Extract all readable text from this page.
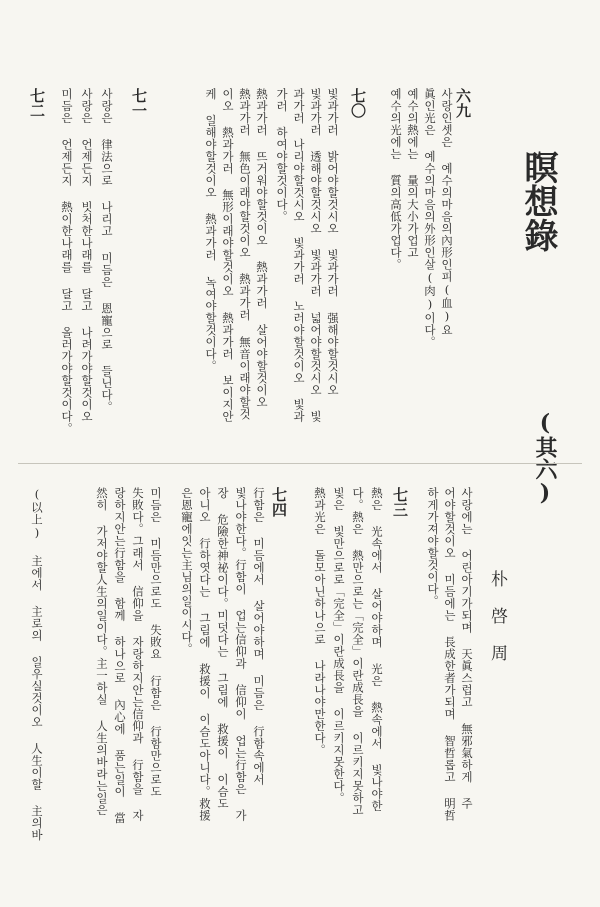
瞑想錄
(其六)
朴 啓 周
六九
사랑인셋은 예수의마음의內形인피(血)요
眞인光은 예수의마음의外形인살(肉)이다。
예수의熱에는 量의大小가업고
예수의光에는 質의高低가업다。
七〇
빛과가러 밝어야할것시오 빛과가러 强해야할것시오
빛과가러 透해야할것시오 빛과가러 넓어야할것시오 빛
과가러 나리야할것시오 빛과가러 노러야할것이오 빛과
가러 하여야할것이다。
熱과가러 뜨거워야할것이오 熱과가러 살어야할것이오
熱과가러 無色이래야할것이오 熱과가러 無音이래야할것
이오 熱과가러 無形이래야할것이오 熱과가러 보이지안
케 일해야할것이오 熱과가러 녹여야할것이다。
七一
사랑은 律法으로 나리고 미듬은 恩寵으로 들닌다。
사랑은 언제든지 빗처한나래를 달고 나려가야할것이오
미듬은 언제든지 熱이한나래를 달고 올러가야할것이다。
七二
사랑에는 어린아기가되며 天眞스럽고 無邪氣하게 주
어야할것이오 미듬에는 長成한者가되며 智哲롭고 明哲
하게가져야할것이다。
七三
熱은 光속에서 살어야하며 光은 熱속에서 빛나야한
다。熱은 熱만으로는「完全」이란成長을 이르키지못하고
빛은 빛만으로로「完全」이란成長을 이르키지못한다。
熱과光은 돌모아닌하나으로 나라나야만한다。
七四
行함은 미듬에서 살어야하며 미듬은 行함속에서
빛나야한다。行함이 업는信仰과 信仰이 업는行함은 가
장 危險한神祕이다。미덧다는 그림에 救援이 이슴도
아니오 行하엿다는 그림에 救援이 이슴도아니다。救援
은恩寵에잇는主님의일이시다。
미듬은 미듬만으로도 失敗요 行함은 行함만으로도
失敗다。그래서 信仰을 자랑하지안는信仰과 行함을 자
랑하지안는行함을 함께 하나으로 內心에 품는일이 當
然히 가저야할人生의일이다。主一하실 人生의바라는일은
(以上) 主에서 主로의 일우실것이오 人生이할 主의바
